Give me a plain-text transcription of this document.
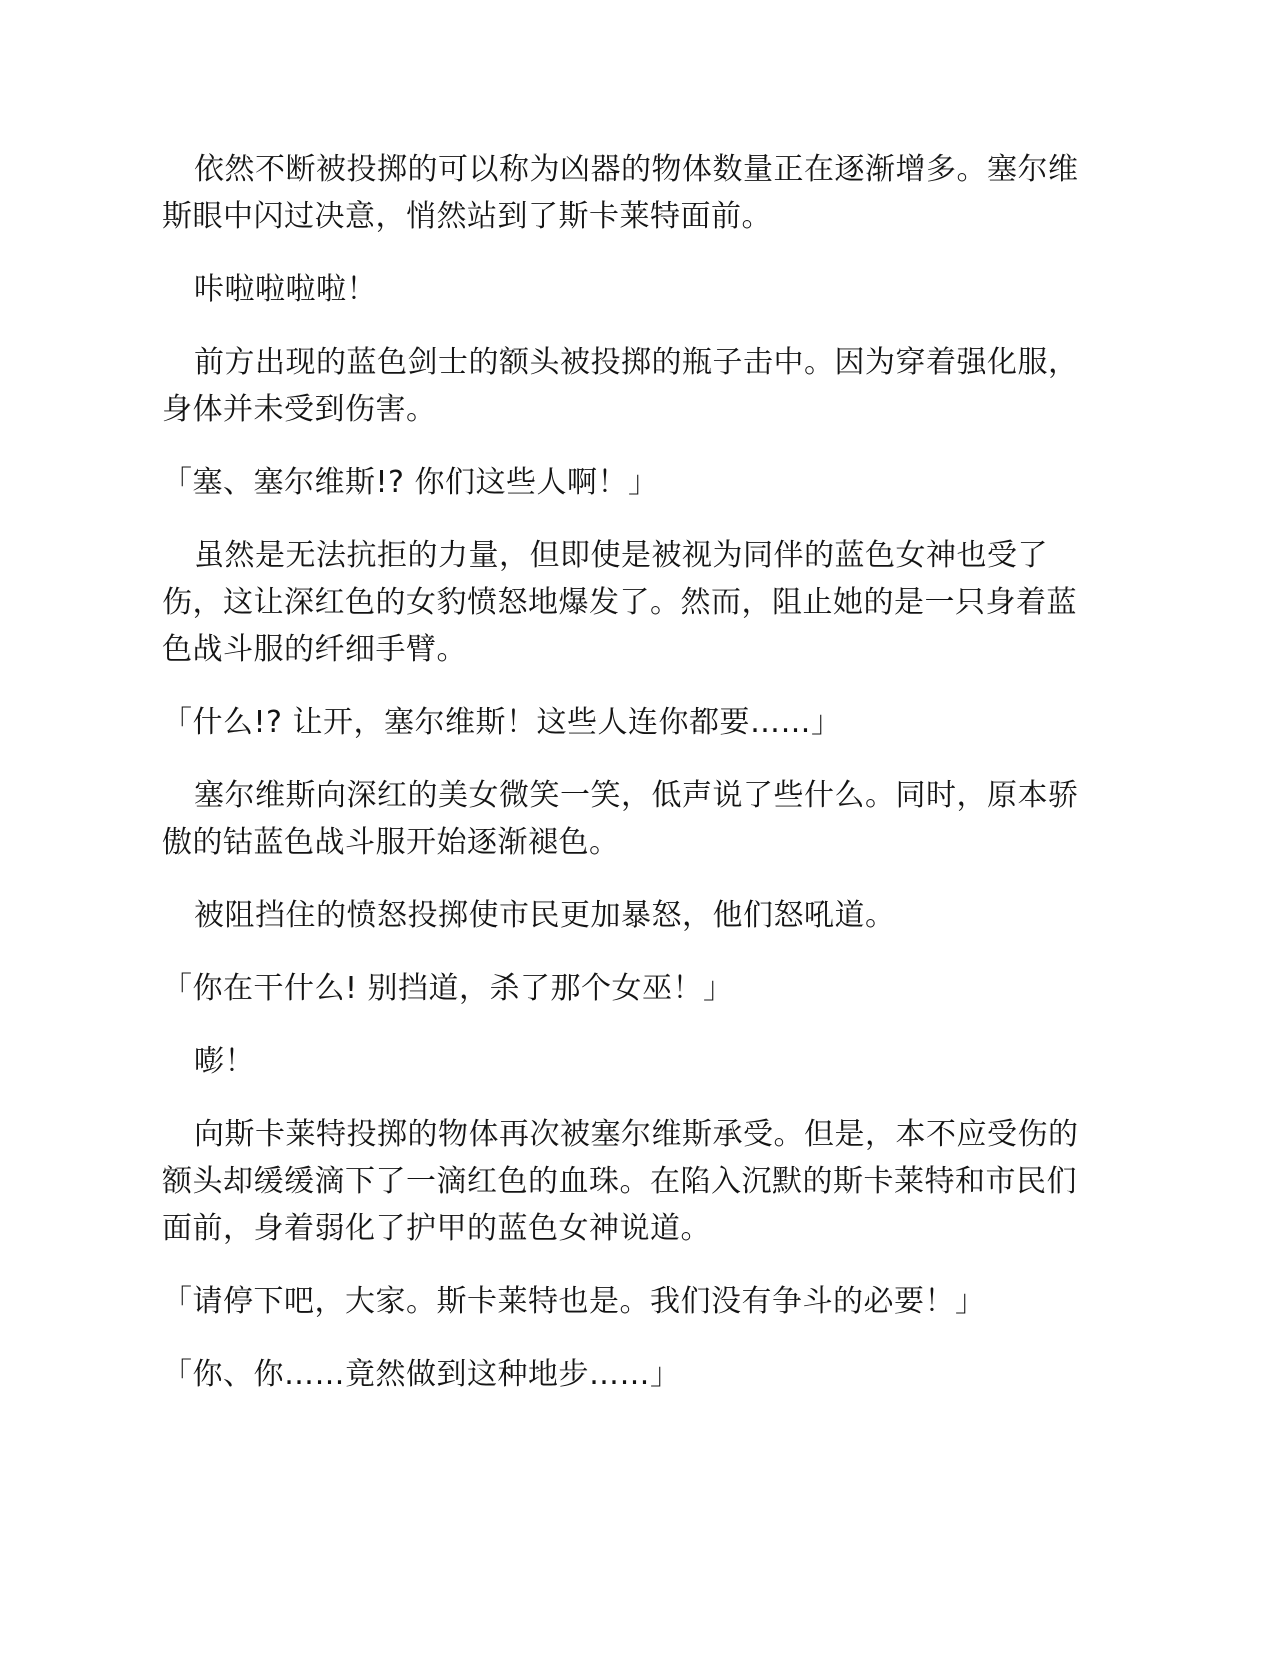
依然不断被投掷的可以称为凶器的物体数量正在逐渐增多。塞尔维斯眼中闪过决意，悄然站到了斯卡莱特面前。

咔啦啦啦啦！

前方出现的蓝色剑士的额头被投掷的瓶子击中。因为穿着强化服，身体并未受到伤害。

「塞、塞尔维斯!? 你们这些人啊！」

虽然是无法抗拒的力量，但即使是被视为同伴的蓝色女神也受了伤，这让深红色的女豹愤怒地爆发了。然而，阻止她的是一只身着蓝色战斗服的纤细手臂。

「什么!? 让开，塞尔维斯！这些人连你都要……」

塞尔维斯向深红的美女微笑一笑，低声说了些什么。同时，原本骄傲的钴蓝色战斗服开始逐渐褪色。

被阻挡住的愤怒投掷使市民更加暴怒，他们怒吼道。

「你在干什么! 别挡道，杀了那个女巫！」

嘭！

向斯卡莱特投掷的物体再次被塞尔维斯承受。但是，本不应受伤的额头却缓缓滴下了一滴红色的血珠。在陷入沉默的斯卡莱特和市民们面前，身着弱化了护甲的蓝色女神说道。

「请停下吧，大家。斯卡莱特也是。我们没有争斗的必要！」

「你、你……竟然做到这种地步……」
